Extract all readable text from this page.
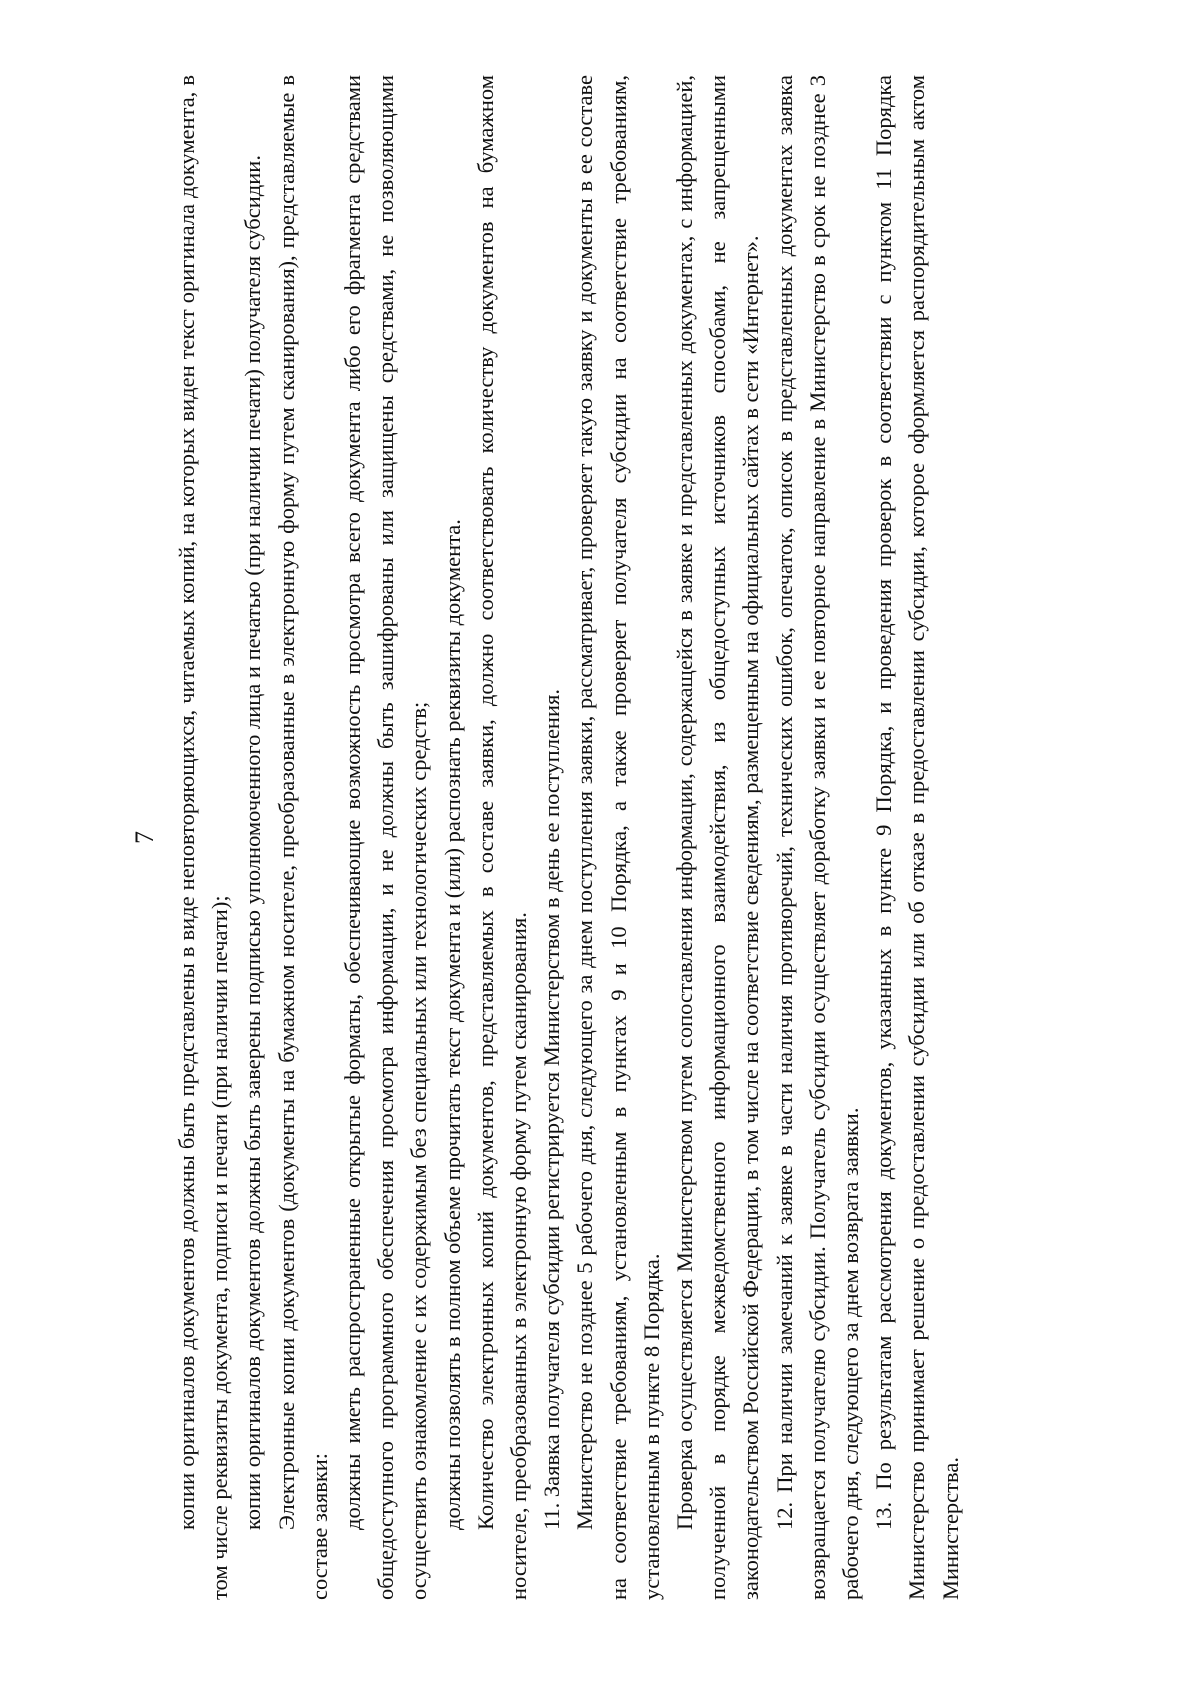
7 копии оригиналов документов должны быть представлены в виде неповторяющихся, читаемых копий, на которых виден текст оригинала документа, в том числе реквизиты документа, подписи и печати (при наличии печати); копии оригиналов документов должны быть заверены подписью уполномоченного лица и печатью (при наличии печати) получателя субсидии. Электронные копии документов (документы на бумажном носителе, преобразованные в электронную форму путем сканирования), представляемые в составе заявки: должны иметь распространенные открытые форматы, обеспечивающие возможность просмотра всего документа либо его фрагмента средствами общедоступного программного обеспечения просмотра информации, и не должны быть зашифрованы или защищены средствами, не позволяющими осуществить ознакомление с их содержимым без специальных или технологических средств; должны позволять в полном объеме прочитать текст документа и (или) распознать реквизиты документа. Количество электронных копий документов, представляемых в составе заявки, должно соответствовать количеству документов на бумажном носителе, преобразованных в электронную форму путем сканирования. 11. Заявка получателя субсидии регистрируется Министерством в день ее поступления. Министерство не позднее 5 рабочего дня, следующего за днем поступления заявки, рассматривает, проверяет такую заявку и документы в ее составе на соответствие требованиям, установленным в пунктах 9 и 10 Порядка, а также проверяет получателя субсидии на соответствие требованиям, установленным в пункте 8 Порядка. Проверка осуществляется Министерством путем сопоставления информации, содержащейся в заявке и представленных документах, с информацией, полученной в порядке межведомственного информационного взаимодействия, из общедоступных источников способами, не запрещенными законодательством Российской Федерации, в том числе на соответствие сведениям, размещенным на официальных сайтах в сети «Интернет». 12. При наличии замечаний к заявке в части наличия противоречий, технических ошибок, опечаток, описок в представленных документах заявка возвращается получателю субсидии. Получатель субсидии осуществляет доработку заявки и ее повторное направление в Министерство в срок не позднее 3 рабочего дня, следующего за днем возврата заявки. 13. По результатам рассмотрения документов, указанных в пункте 9 Порядка, и проведения проверок в соответствии с пунктом 11 Порядка Министерство принимает решение о предоставлении субсидии или об отказе в предоставлении субсидии, которое оформляется распорядительным актом Министерства.
